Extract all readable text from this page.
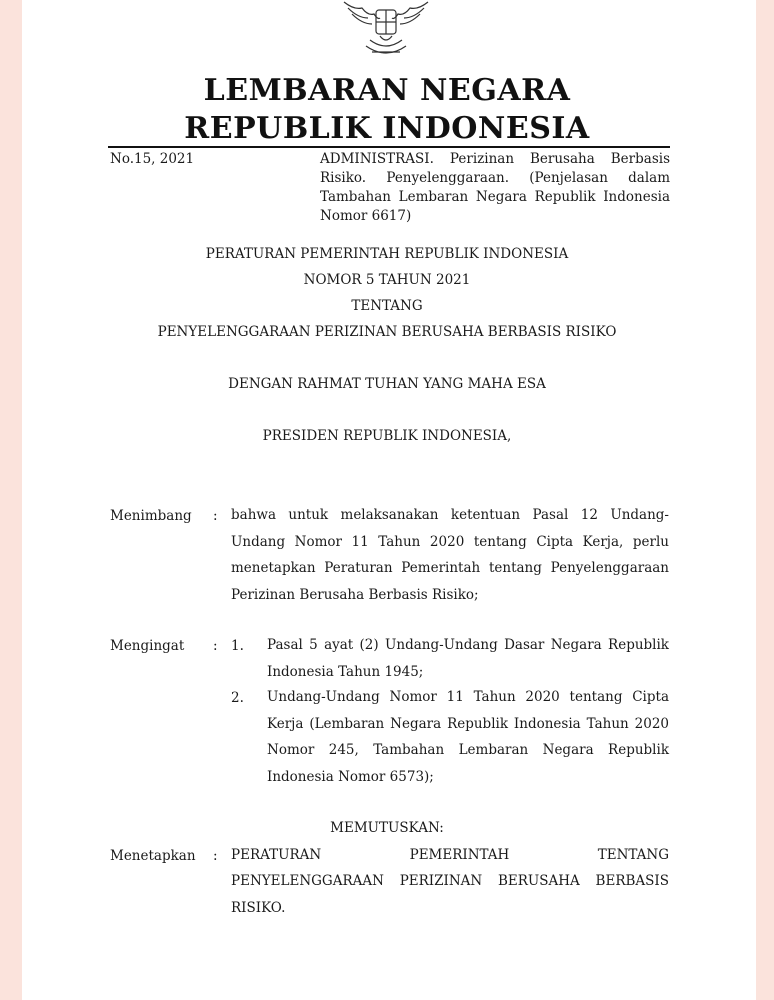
LEMBARAN NEGARA
REPUBLIK INDONESIA
No.15, 2021	ADMINISTRASI. Perizinan Berusaha Berbasis Risiko. Penyelenggaraan. (Penjelasan dalam Tambahan Lembaran Negara Republik Indonesia Nomor 6617)
PERATURAN PEMERINTAH REPUBLIK INDONESIA
NOMOR 5 TAHUN 2021
TENTANG
PENYELENGGARAAN PERIZINAN BERUSAHA BERBASIS RISIKO
DENGAN RAHMAT TUHAN YANG MAHA ESA
PRESIDEN REPUBLIK INDONESIA,
Menimbang : bahwa untuk melaksanakan ketentuan Pasal 12 Undang-Undang Nomor 11 Tahun 2020 tentang Cipta Kerja, perlu menetapkan Peraturan Pemerintah tentang Penyelenggaraan Perizinan Berusaha Berbasis Risiko;
Mengingat : 1. Pasal 5 ayat (2) Undang-Undang Dasar Negara Republik Indonesia Tahun 1945;
2. Undang-Undang Nomor 11 Tahun 2020 tentang Cipta Kerja (Lembaran Negara Republik Indonesia Tahun 2020 Nomor 245, Tambahan Lembaran Negara Republik Indonesia Nomor 6573);
MEMUTUSKAN:
Menetapkan : PERATURAN PEMERINTAH TENTANG
PENYELENGGARAAN PERIZINAN BERUSAHA BERBASIS RISIKO.
